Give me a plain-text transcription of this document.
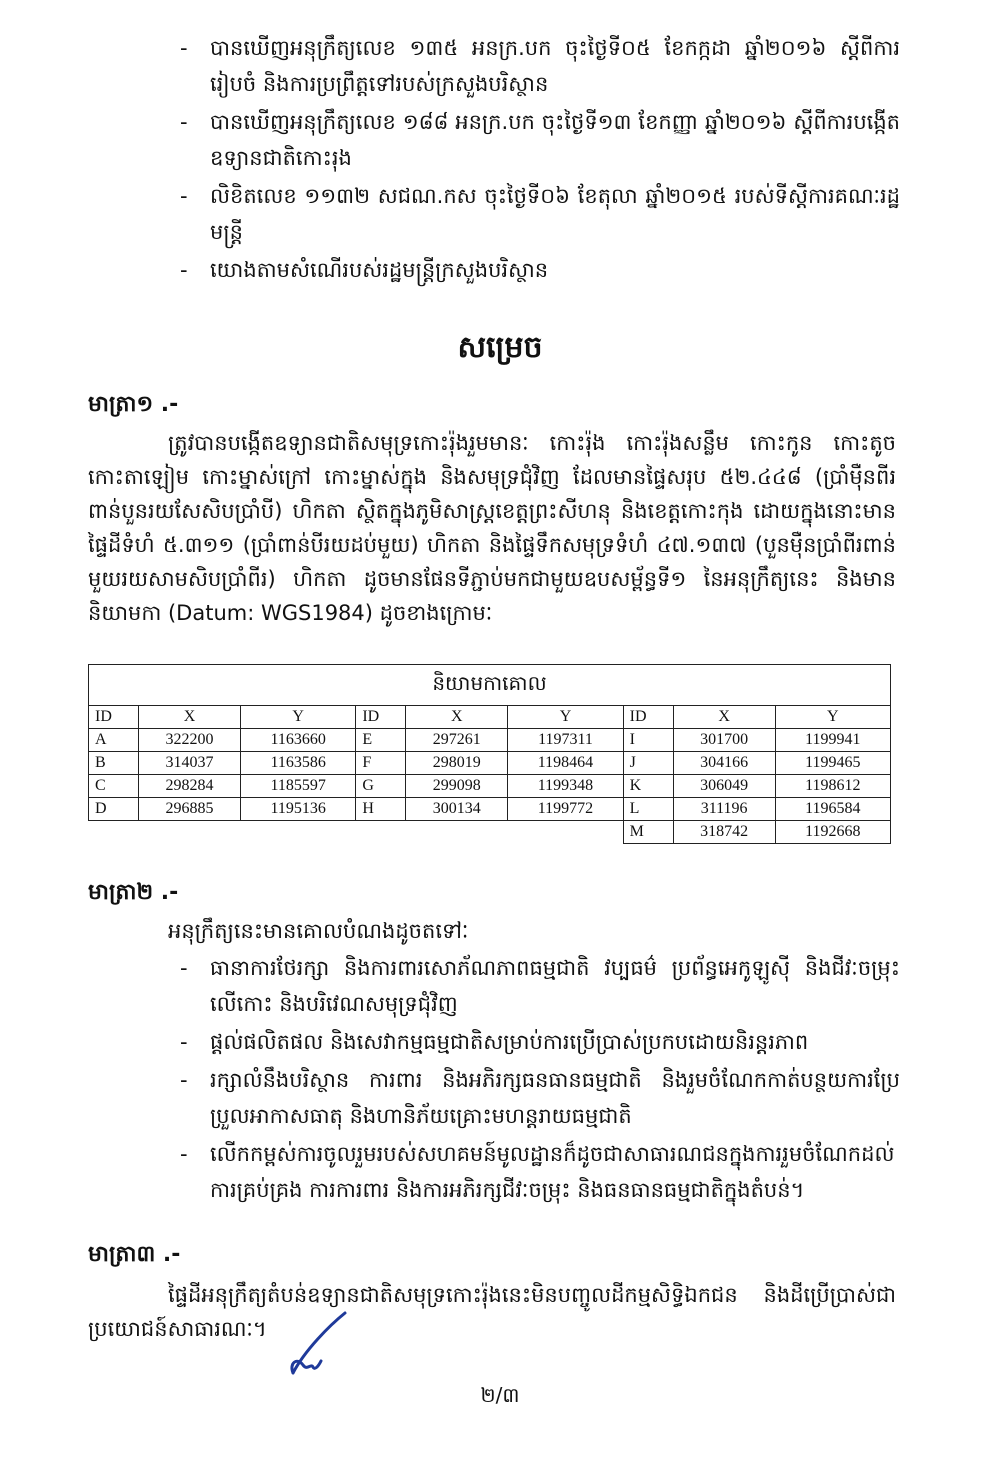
- បានឃើញអនុក្រឹត្យលេខ ១៣៥ អនក្រ.បក ចុះថ្ងៃទី០៥ ខែកក្កដា ឆ្នាំ២០១៦ ស្តីពីការរៀបចំ និងការប្រព្រឹត្តទៅរបស់ក្រសួងបរិស្ថាន
- បានឃើញអនុក្រឹត្យលេខ ១៨៨ អនក្រ.បក ចុះថ្ងៃទី១៣ ខែកញ្ញា ឆ្នាំ២០១៦ ស្តីពីការបង្កើតឧទ្យានជាតិកោះរុង
- លិខិតលេខ ១១៣២ សជណ.កស ចុះថ្ងៃទី០៦ ខែតុលា ឆ្នាំ២០១៥ របស់ទីស្តីការគណៈរដ្ឋមន្ត្រី
- យោងតាមសំណើរបស់រដ្ឋមន្ត្រីក្រសួងបរិស្ថាន
សម្រេច
មាត្រា១ .-
ត្រូវបានបង្កើតឧទ្យានជាតិសមុទ្រកោះរ៉ុងរួមមានៈ កោះរ៉ុង កោះរ៉ុងសន្លឹម កោះកូន កោះតូច កោះតាឡៀម កោះម្នាស់ក្រៅ កោះម្នាស់ក្នុង និងសមុទ្រជុំវិញ ដែលមានផ្ទៃសរុប ៥២.៤៤៨ (ប្រាំមុឺនពីរពាន់បួនរយសែសិបប្រាំបី) ហិកតា ស្ថិតក្នុងភូមិសាស្ត្រខេត្តព្រះសីហនុ និងខេត្តកោះកុង ដោយក្នុងនោះមានផ្ទៃដីទំហំ ៥.៣១១ (ប្រាំពាន់បីរយដប់មួយ) ហិកតា និងផ្ទៃទឹកសមុទ្រទំហំ ៤៧.១៣៧ (បួនមុឺនប្រាំពីរពាន់មួយរយសាមសិបប្រាំពីរ) ហិកតា ដូចមានផែនទីភ្ជាប់មកជាមួយឧបសម្ព័ន្ធទី១ នៃអនុក្រឹត្យនេះ និងមាននិយាមកា (Datum: WGS1984) ដូចខាងក្រោមៈ
និយាមកាគោល								
ID	X	Y	ID	X	Y	ID	X	Y
A	322200	1163660	E	297261	1197311	I	301700	1199941
B	314037	1163586	F	298019	1198464	J	304166	1199465
C	298284	1185597	G	299098	1199348	K	306049	1198612
D	296885	1195136	H	300134	1199772	L	311196	1196584
						M	318742	1192668
មាត្រា២ .-
អនុក្រឹត្យនេះមានគោលបំណងដូចតទៅៈ
- ធានាការថែរក្សា និងការពារសោភ័ណភាពធម្មជាតិ វប្បធម៌ ប្រព័ន្ធអេកូឡូស៊ី និងជីវៈចម្រុះលើកោះ និងបរិវេណសមុទ្រជុំវិញ
- ផ្តល់ផលិតផល និងសេវាកម្មធម្មជាតិសម្រាប់ការប្រើប្រាស់ប្រកបដោយនិរន្តរភាព
- រក្សាលំនឹងបរិស្ថាន ការពារ និងអភិរក្សធនធានធម្មជាតិ និងរួមចំណែកកាត់បន្ថយការប្រែប្រួលអាកាសធាតុ និងហានិភ័យគ្រោះមហន្តរាយធម្មជាតិ
- លើកកម្ពស់ការចូលរួមរបស់សហគមន៍មូលដ្ឋានក៏ដូចជាសាធារណជនក្នុងការរួមចំណែកដល់ការគ្រប់គ្រង ការការពារ និងការអភិរក្សជីវៈចម្រុះ និងធនធានធម្មជាតិក្នុងតំបន់។
មាត្រា៣ .-
ផ្ទៃដីអនុក្រឹត្យតំបន់ឧទ្យានជាតិសមុទ្រកោះរ៉ុងនេះមិនបញ្ចូលដីកម្មសិទ្ធិឯកជន និងដីប្រើប្រាស់ជាប្រយោជន៍សាធារណៈ។
២/៣
